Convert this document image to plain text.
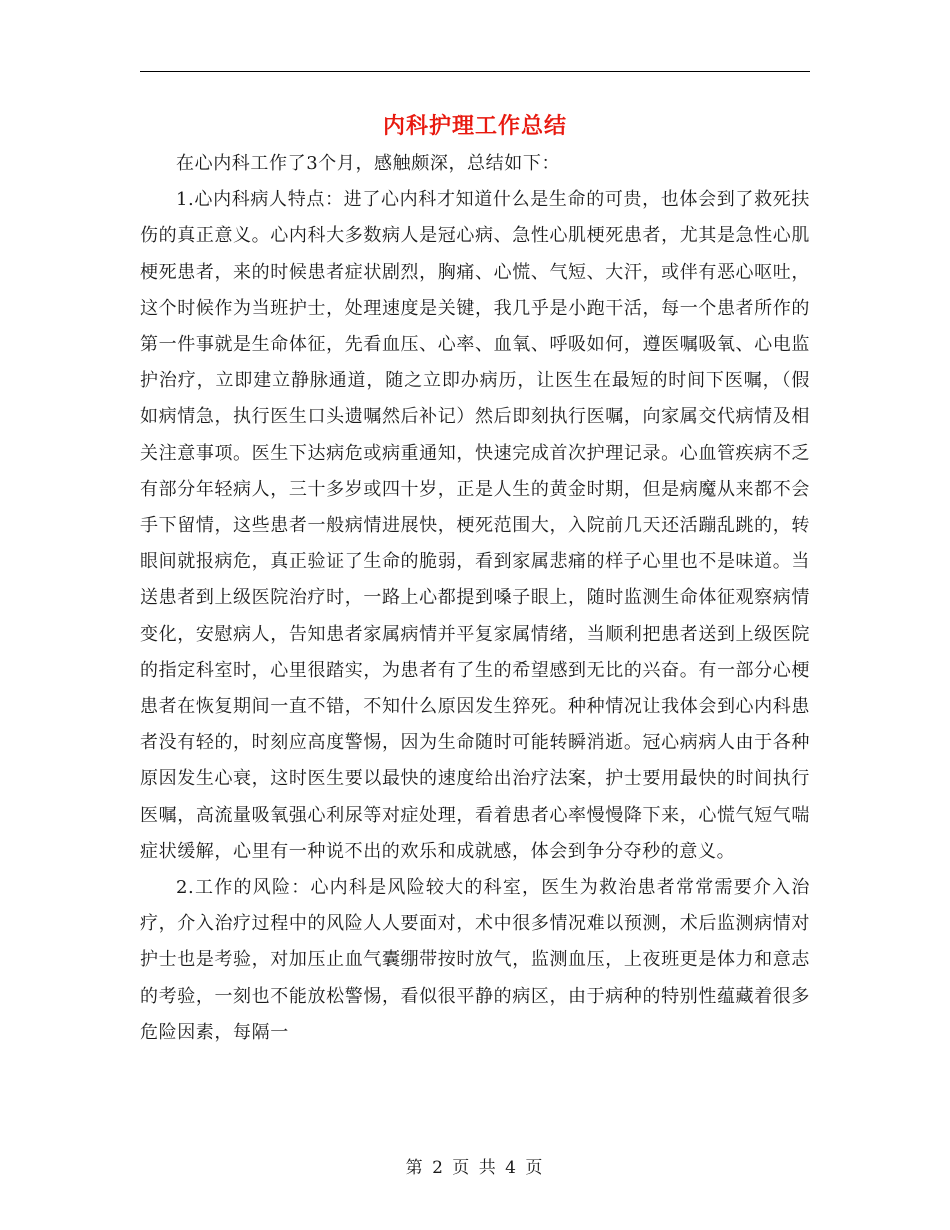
内科护理工作总结

在心内科工作了3个月，感触颇深，总结如下：

1.心内科病人特点：进了心内科才知道什么是生命的可贵，也体会到了救死扶伤的真正意义。心内科大多数病人是冠心病、急性心肌梗死患者，尤其是急性心肌梗死患者，来的时候患者症状剧烈，胸痛、心慌、气短、大汗，或伴有恶心呕吐，这个时候作为当班护士，处理速度是关键，我几乎是小跑干活，每一个患者所作的第一件事就是生命体征，先看血压、心率、血氧、呼吸如何，遵医嘱吸氧、心电监护治疗，立即建立静脉通道，随之立即办病历，让医生在最短的时间下医嘱，（假如病情急，执行医生口头遗嘱然后补记）然后即刻执行医嘱，向家属交代病情及相关注意事项。医生下达病危或病重通知，快速完成首次护理记录。心血管疾病不乏有部分年轻病人，三十多岁或四十岁，正是人生的黄金时期，但是病魔从来都不会手下留情，这些患者一般病情进展快，梗死范围大，入院前几天还活蹦乱跳的，转眼间就报病危，真正验证了生命的脆弱，看到家属悲痛的样子心里也不是味道。当送患者到上级医院治疗时，一路上心都提到嗓子眼上，随时监测生命体征观察病情变化，安慰病人，告知患者家属病情并平复家属情绪，当顺利把患者送到上级医院的指定科室时，心里很踏实，为患者有了生的希望感到无比的兴奋。有一部分心梗患者在恢复期间一直不错，不知什么原因发生猝死。种种情况让我体会到心内科患者没有轻的，时刻应高度警惕，因为生命随时可能转瞬消逝。冠心病病人由于各种原因发生心衰，这时医生要以最快的速度给出治疗法案，护士要用最快的时间执行医嘱，高流量吸氧强心利尿等对症处理，看着患者心率慢慢降下来，心慌气短气喘症状缓解，心里有一种说不出的欢乐和成就感，体会到争分夺秒的意义。

2.工作的风险：心内科是风险较大的科室，医生为救治患者常常需要介入治疗，介入治疗过程中的风险人人要面对，术中很多情况难以预测，术后监测病情对护士也是考验，对加压止血气囊绷带按时放气，监测血压，上夜班更是体力和意志的考验，一刻也不能放松警惕，看似很平静的病区，由于病种的特别性蕴藏着很多危险因素，每隔一

第 2 页 共 4 页
